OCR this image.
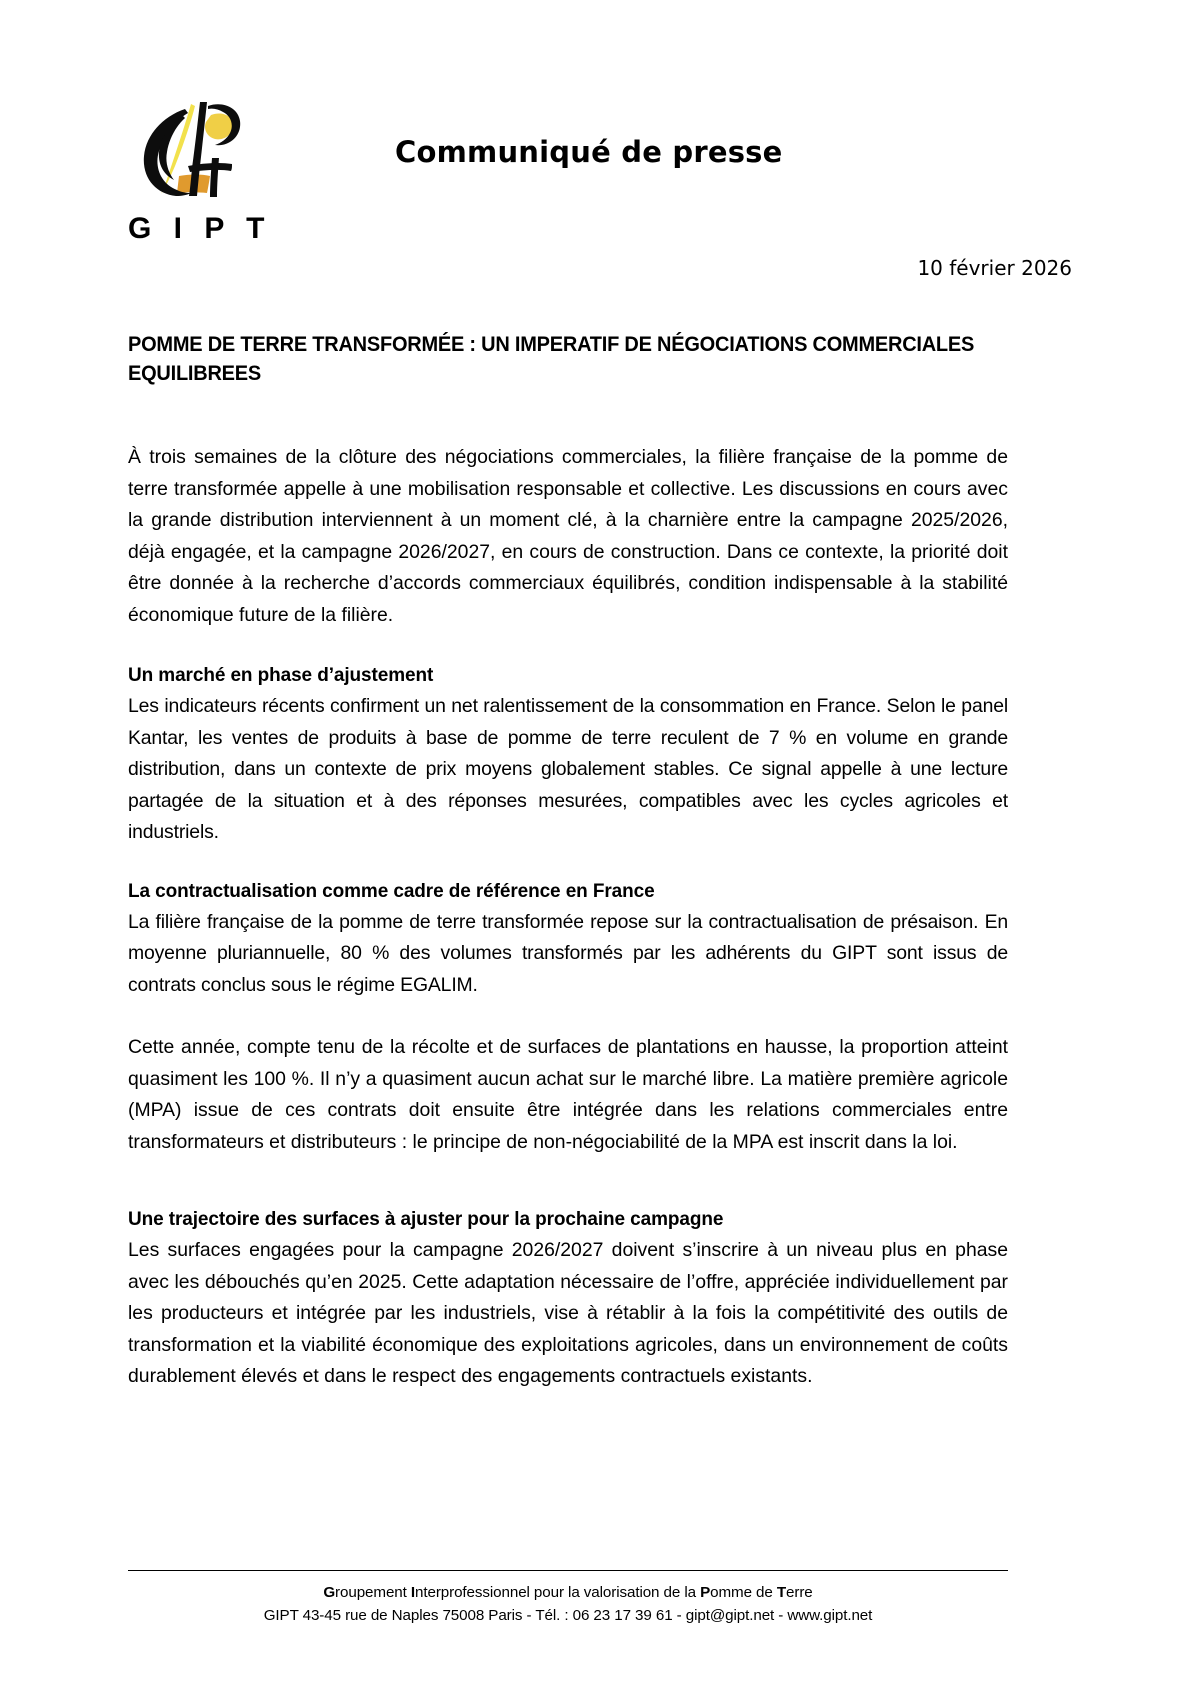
G I P T
Communiqué de presse
10 février 2026
POMME DE TERRE TRANSFORMÉE : UN IMPERATIF DE NÉGOCIATIONS COMMERCIALES
EQUILIBREES

À trois semaines de la clôture des négociations commerciales, la filière française de la pomme de terre transformée appelle à une mobilisation responsable et collective. Les discussions en cours avec la grande distribution interviennent à un moment clé, à la charnière entre la campagne 2025/2026, déjà engagée, et la campagne 2026/2027, en cours de construction. Dans ce contexte, la priorité doit être donnée à la recherche d’accords commerciaux équilibrés, condition indispensable à la stabilité économique future de la filière.

Un marché en phase d’ajustement

Les indicateurs récents confirment un net ralentissement de la consommation en France. Selon le panel Kantar, les ventes de produits à base de pomme de terre reculent de 7 % en volume en grande distribution, dans un contexte de prix moyens globalement stables. Ce signal appelle à une lecture partagée de la situation et à des réponses mesurées, compatibles avec les cycles agricoles et industriels.

La contractualisation comme cadre de référence en France

La filière française de la pomme de terre transformée repose sur la contractualisation de présaison. En moyenne pluriannuelle, 80 % des volumes transformés par les adhérents du GIPT sont issus de contrats conclus sous le régime EGALIM.

Cette année, compte tenu de la récolte et de surfaces de plantations en hausse, la proportion atteint quasiment les 100 %. Il n’y a quasiment aucun achat sur le marché libre. La matière première agricole (MPA) issue de ces contrats doit ensuite être intégrée dans les relations commerciales entre transformateurs et distributeurs : le principe de non-négociabilité de la MPA est inscrit dans la loi.

Une trajectoire des surfaces à ajuster pour la prochaine campagne

Les surfaces engagées pour la campagne 2026/2027 doivent s’inscrire à un niveau plus en phase avec les débouchés qu’en 2025. Cette adaptation nécessaire de l’offre, appréciée individuellement par les producteurs et intégrée par les industriels, vise à rétablir à la fois la compétitivité des outils de transformation et la viabilité économique des exploitations agricoles, dans un environnement de coûts durablement élevés et dans le respect des engagements contractuels existants.

Groupement Interprofessionnel pour la valorisation de la Pomme de Terre
GIPT 43-45 rue de Naples 75008 Paris - Tél. : 06 23 17 39 61 - gipt@gipt.net - www.gipt.net
